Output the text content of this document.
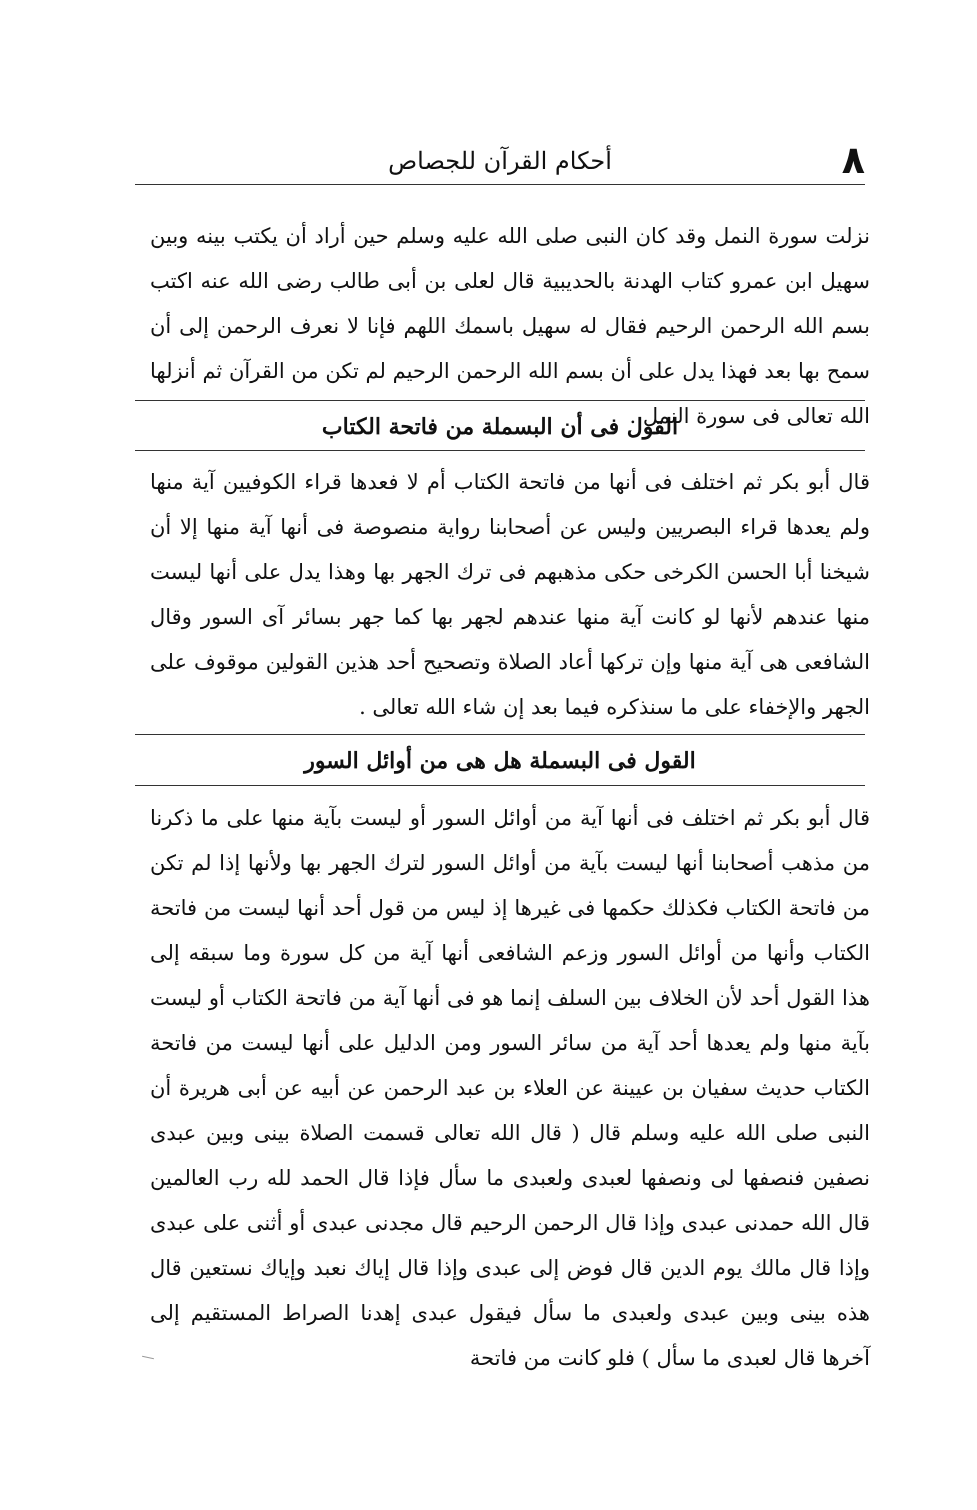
٨
أحكام القرآن للجصاص

نزلت سورة النمل وقد كان النبى صلى الله عليه وسلم حين أراد أن يكتب بينه وبين سهيل ابن عمرو كتاب الهدنة بالحديبية قال لعلى بن أبى طالب رضى الله عنه اكتب بسم الله الرحمن الرحيم فقال له سهيل باسمك اللهم فإنا لا نعرف الرحمن إلى أن سمح بها بعد فهذا يدل على أن بسم الله الرحمن الرحيم لم تكن من القرآن ثم أنزلها الله تعالى فى سورة النمل .

القول فى أن البسملة من فاتحة الكتاب

قال أبو بكر ثم اختلف فى أنها من فاتحة الكتاب أم لا فعدها قراء الكوفيين آية منها ولم يعدها قراء البصريين وليس عن أصحابنا رواية منصوصة فى أنها آية منها إلا أن شيخنا أبا الحسن الكرخى حكى مذهبهم فى ترك الجهر بها وهذا يدل على أنها ليست منها عندهم لأنها لو كانت آية منها عندهم لجهر بها كما جهر بسائر آى السور وقال الشافعى هى آية منها وإن تركها أعاد الصلاة وتصحيح أحد هذين القولين موقوف على الجهر والإخفاء على ما سنذكره فيما بعد إن شاء الله تعالى .

القول فى البسملة هل هى من أوائل السور

قال أبو بكر ثم اختلف فى أنها آية من أوائل السور أو ليست بآية منها على ما ذكرنا من مذهب أصحابنا أنها ليست بآية من أوائل السور لترك الجهر بها ولأنها إذا لم تكن من فاتحة الكتاب فكذلك حكمها فى غيرها إذ ليس من قول أحد أنها ليست من فاتحة الكتاب وأنها من أوائل السور وزعم الشافعى أنها آية من كل سورة وما سبقه إلى هذا القول أحد لأن الخلاف بين السلف إنما هو فى أنها آية من فاتحة الكتاب أو ليست بآية منها ولم يعدها أحد آية من سائر السور ومن الدليل على أنها ليست من فاتحة الكتاب حديث سفيان بن عيينة عن العلاء بن عبد الرحمن عن أبيه عن أبى هريرة أن النبى صلى الله عليه وسلم قال ( قال الله تعالى قسمت الصلاة بينى وبين عبدى نصفين فنصفها لى ونصفها لعبدى ولعبدى ما سأل فإذا قال الحمد لله رب العالمين قال الله حمدنى عبدى وإذا قال الرحمن الرحيم قال مجدنى عبدى أو أثنى على عبدى وإذا قال مالك يوم الدين قال فوض إلى عبدى وإذا قال إياك نعبد وإياك نستعين قال هذه بينى وبين عبدى ولعبدى ما سأل فيقول عبدى إهدنا الصراط المستقيم إلى آخرها قال لعبدى ما سأل ) فلو كانت من فاتحة
